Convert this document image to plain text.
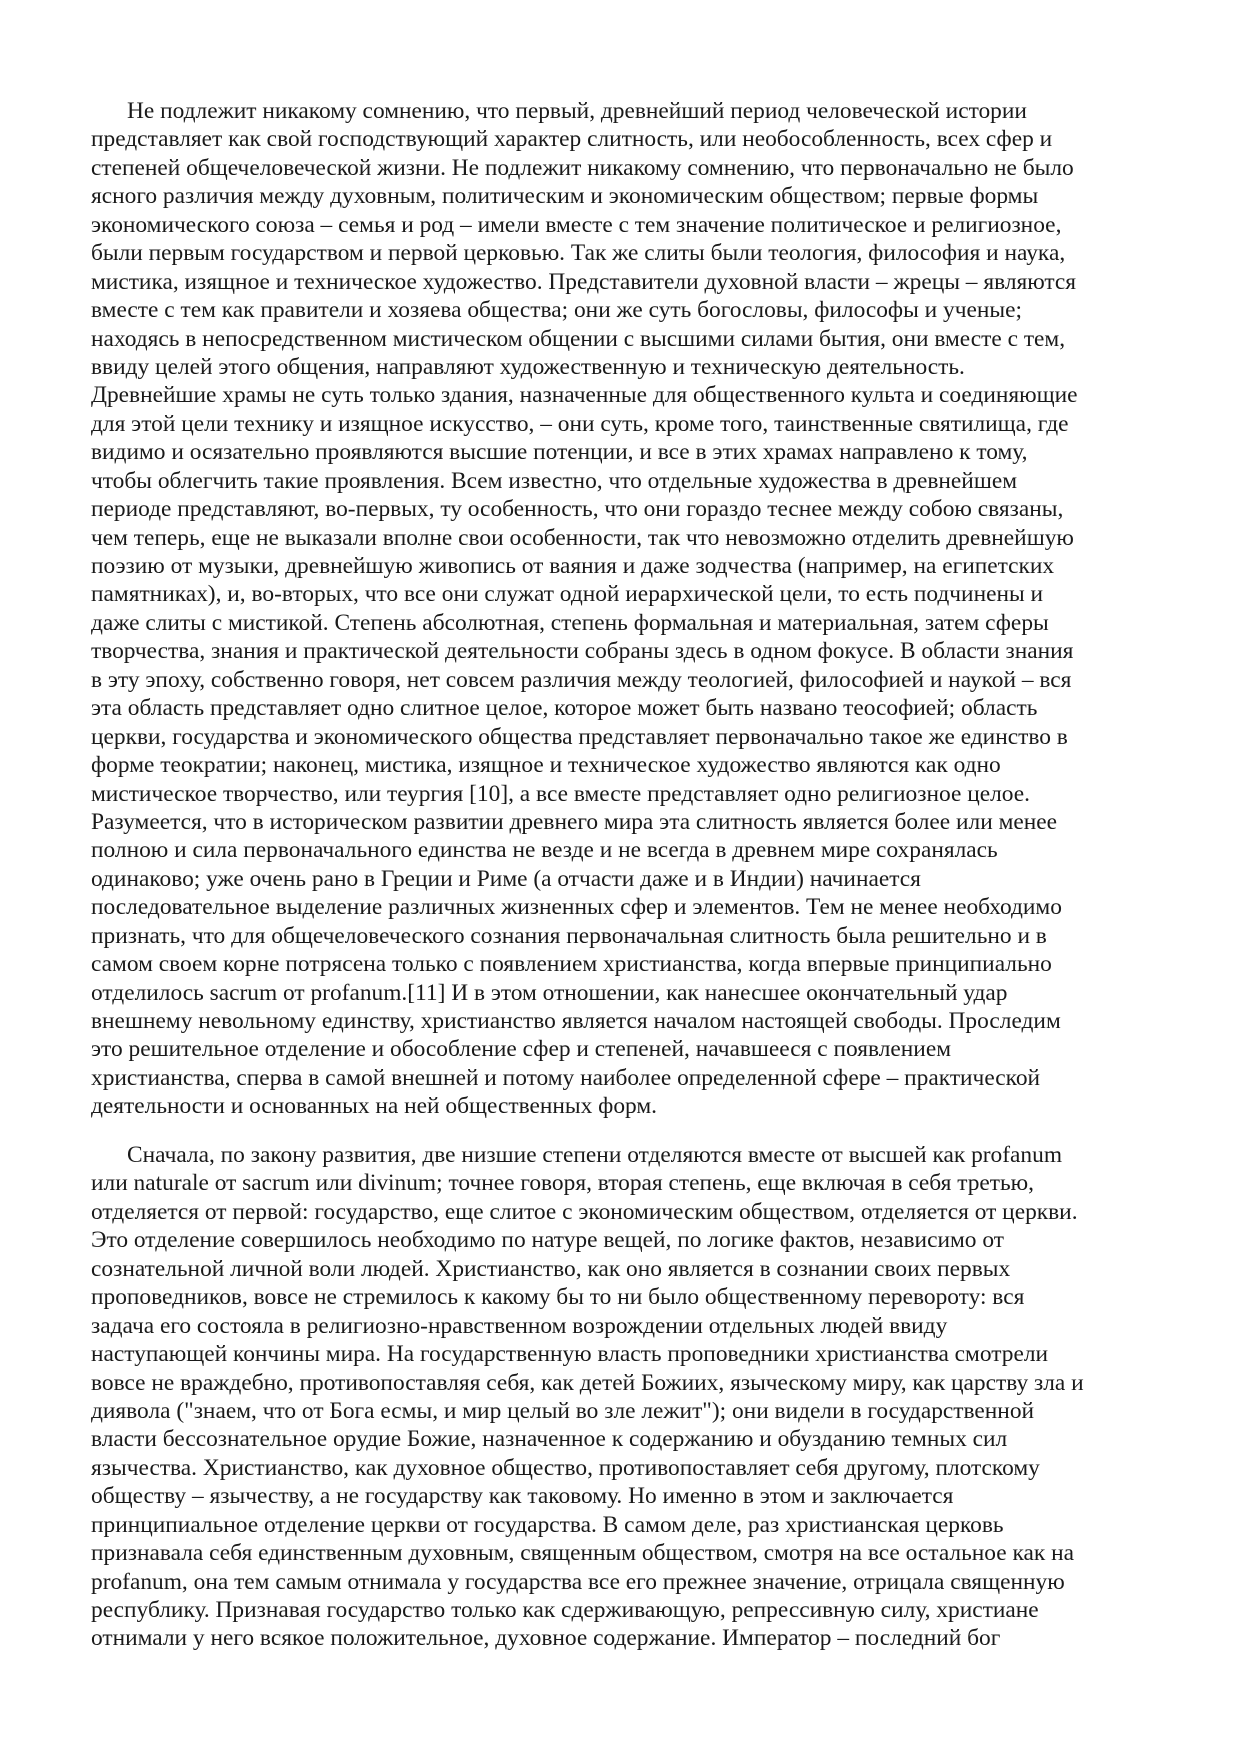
Не подлежит никакому сомнению, что первый, древнейший период человеческой истории
представляет как свой господствующий характер слитность, или необособленность, всех сфер и
степеней общечеловеческой жизни. Не подлежит никакому сомнению, что первоначально не было
ясного различия между духовным, политическим и экономическим обществом; первые формы
экономического союза – семья и род – имели вместе с тем значение политическое и религиозное,
были первым государством и первой церковью. Так же слиты были теология, философия и наука,
мистика, изящное и техническое художество. Представители духовной власти – жрецы – являются
вместе с тем как правители и хозяева общества; они же суть богословы, философы и ученые;
находясь в непосредственном мистическом общении с высшими силами бытия, они вместе с тем,
ввиду целей этого общения, направляют художественную и техническую деятельность.
Древнейшие храмы не суть только здания, назначенные для общественного культа и соединяющие
для этой цели технику и изящное искусство, – они суть, кроме того, таинственные святилища, где
видимо и осязательно проявляются высшие потенции, и все в этих храмах направлено к тому,
чтобы облегчить такие проявления. Всем известно, что отдельные художества в древнейшем
периоде представляют, во-первых, ту особенность, что они гораздо теснее между собою связаны,
чем теперь, еще не выказали вполне свои особенности, так что невозможно отделить древнейшую
поэзию от музыки, древнейшую живопись от ваяния и даже зодчества (например, на египетских
памятниках), и, во-вторых, что все они служат одной иерархической цели, то есть подчинены и
даже слиты с мистикой. Степень абсолютная, степень формальная и материальная, затем сферы
творчества, знания и практической деятельности собраны здесь в одном фокусе. В области знания
в эту эпоху, собственно говоря, нет совсем различия между теологией, философией и наукой – вся
эта область представляет одно слитное целое, которое может быть названо теософией; область
церкви, государства и экономического общества представляет первоначально такое же единство в
форме теократии; наконец, мистика, изящное и техническое художество являются как одно
мистическое творчество, или теургия [10], а все вместе представляет одно религиозное целое.
Разумеется, что в историческом развитии древнего мира эта слитность является более или менее
полною и сила первоначального единства не везде и не всегда в древнем мире сохранялась
одинаково; уже очень рано в Греции и Риме (а отчасти даже и в Индии) начинается
последовательное выделение различных жизненных сфер и элементов. Тем не менее необходимо
признать, что для общечеловеческого сознания первоначальная слитность была решительно и в
самом своем корне потрясена только с появлением христианства, когда впервые принципиально
отделилось sacrum от profanum.[11] И в этом отношении, как нанесшее окончательный удар
внешнему невольному единству, христианство является началом настоящей свободы. Проследим
это решительное отделение и обособление сфер и степеней, начавшееся с появлением
христианства, сперва в самой внешней и потому наиболее определенной сфере – практической
деятельности и основанных на ней общественных форм.
Сначала, по закону развития, две низшие степени отделяются вместе от высшей как profanum
или naturale от sacrum или divinum; точнее говоря, вторая степень, еще включая в себя третью,
отделяется от первой: государство, еще слитое с экономическим обществом, отделяется от церкви.
Это отделение совершилось необходимо по натуре вещей, по логике фактов, независимо от
сознательной личной воли людей. Христианство, как оно является в сознании своих первых
проповедников, вовсе не стремилось к какому бы то ни было общественному перевороту: вся
задача его состояла в религиозно-нравственном возрождении отдельных людей ввиду
наступающей кончины мира. На государственную власть проповедники христианства смотрели
вовсе не враждебно, противопоставляя себя, как детей Божиих, языческому миру, как царству зла и
диявола ("знаем, что от Бога есмы, и мир целый во зле лежит"); они видели в государственной
власти бессознательное орудие Божие, назначенное к содержанию и обузданию темных сил
язычества. Христианство, как духовное общество, противопоставляет себя другому, плотскому
обществу – язычеству, а не государству как таковому. Но именно в этом и заключается
принципиальное отделение церкви от государства. В самом деле, раз христианская церковь
признавала себя единственным духовным, священным обществом, смотря на все остальное как на
profanum, она тем самым отнимала у государства все его прежнее значение, отрицала священную
республику. Признавая государство только как сдерживающую, репрессивную силу, христиане
отнимали у него всякое положительное, духовное содержание. Император – последний бог
